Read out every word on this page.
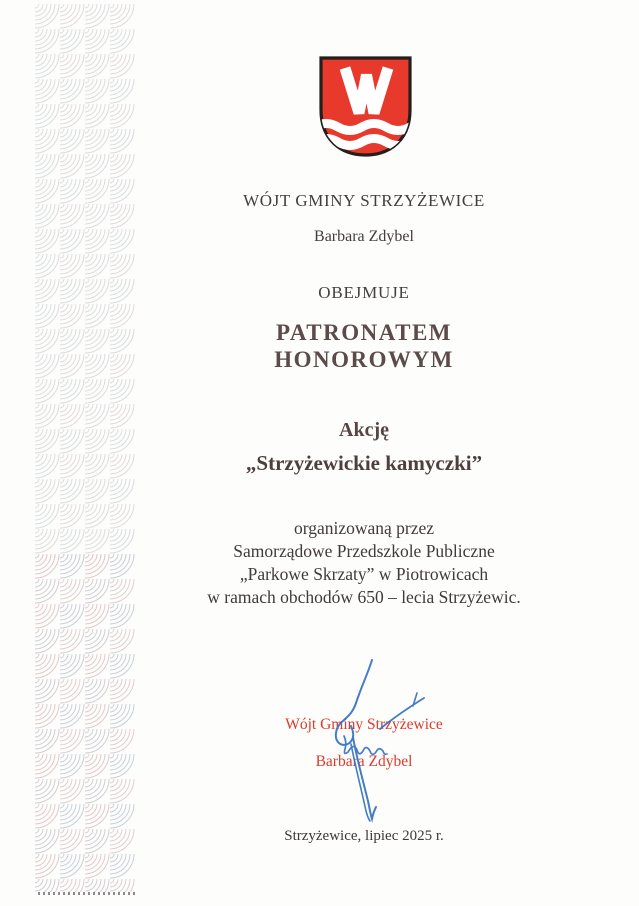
WÓJT GMINY STRZYŻEWICE
Barbara Zdybel
OBEJMUJE
PATRONATEM
HONOROWYM
Akcję
„Strzyżewickie kamyczki”
organizowaną przez
Samorządowe Przedszkole Publiczne
„Parkowe Skrzaty” w Piotrowicach
w ramach obchodów 650 – lecia Strzyżewic.
Wójt Gminy Strzyżewice
Barbara Zdybel
Strzyżewice, lipiec 2025 r.
